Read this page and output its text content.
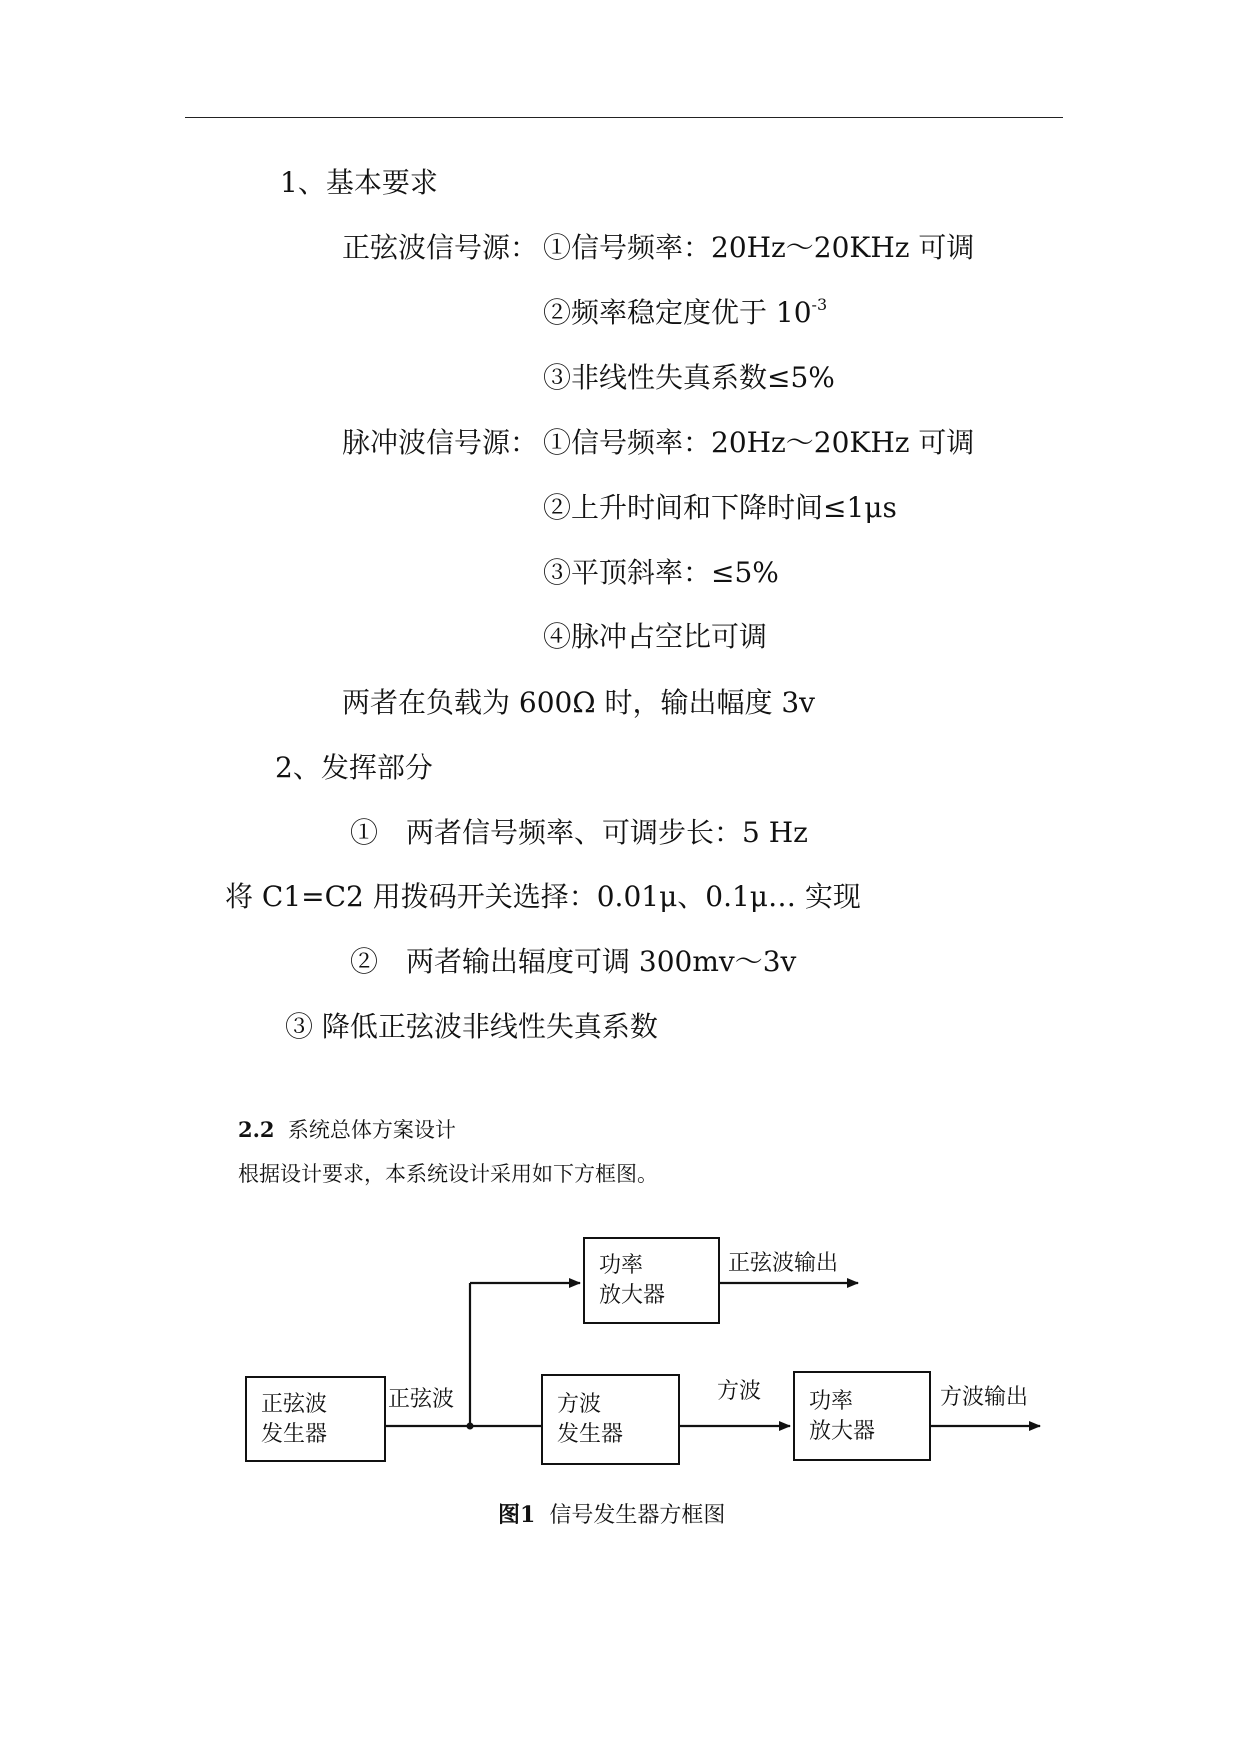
1、基本要求
正弦波信号源： ①信号频率：20Hz～20KHz 可调
②频率稳定度优于 $10^{-3}$
③非线性失真系数≤5%
脉冲波信号源： ①信号频率：20Hz～20KHz 可调
②上升时间和下降时间≤1μs
③平顶斜率：≤5%
④脉冲占空比可调
两者在负载为 600Ω 时，输出幅度 3v
2、发挥部分
①　两者信号频率、可调步长：5 Hz
将 C1=C2 用拨码开关选择：0.01μ、0.1μ… 实现
②　两者输出辐度可调 300mv～3v
③ 降低正弦波非线性失真系数
2.2 系统总体方案设计
根据设计要求，本系统设计采用如下方框图。
正弦波
发生器
功率
放大器
方波
发生器
功率
放大器
正弦波	方波
正弦波输出
方波输出
图1 信号发生器方框图
